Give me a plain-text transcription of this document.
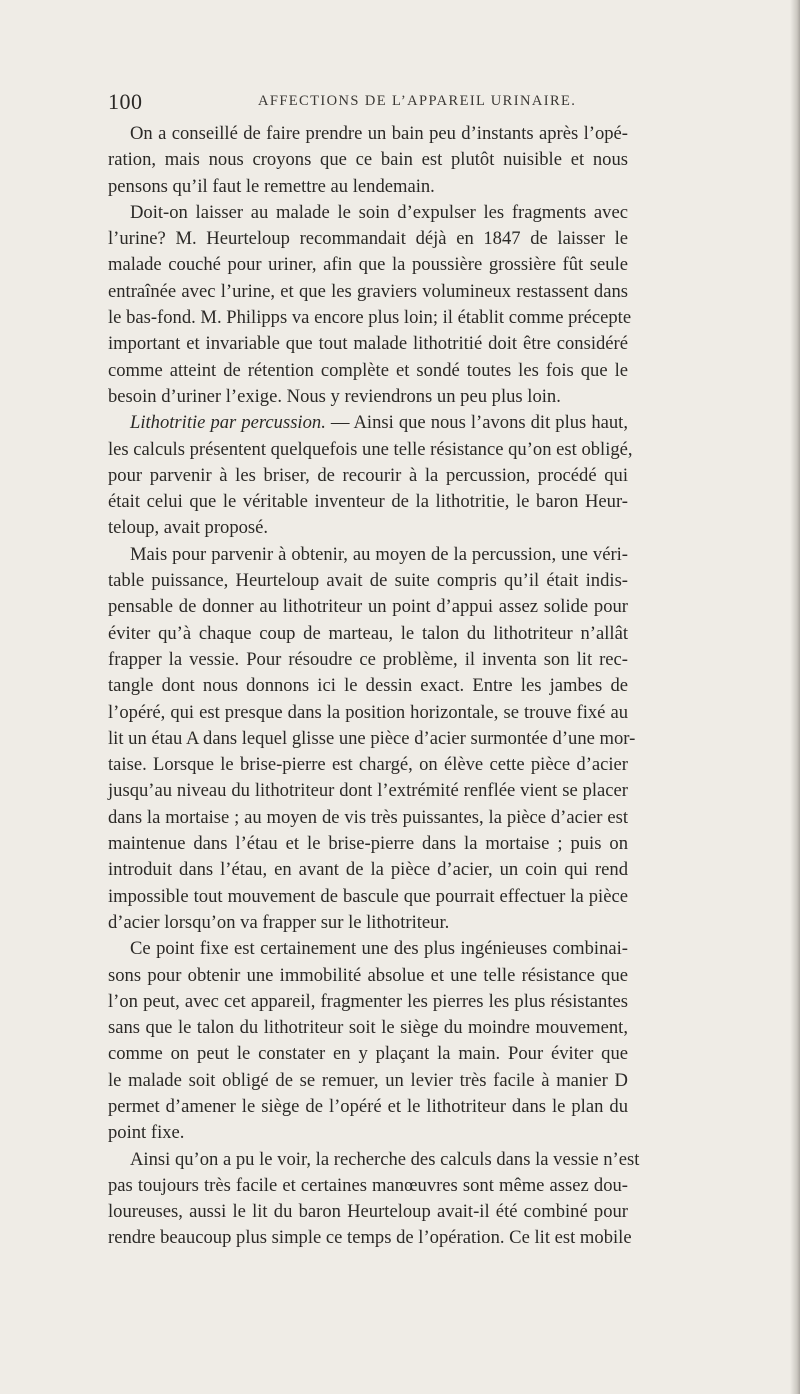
100	AFFECTIONS DE L’APPAREIL URINAIRE.
On a conseillé de faire prendre un bain peu d’instants après l’opé-
ration, mais nous croyons que ce bain est plutôt nuisible et nous
pensons qu’il faut le remettre au lendemain.
Doit-on laisser au malade le soin d’expulser les fragments avec
l’urine? M. Heurteloup recommandait déjà en 1847 de laisser le
malade couché pour uriner, afin que la poussière grossière fût seule
entraînée avec l’urine, et que les graviers volumineux restassent dans
le bas-fond. M. Philipps va encore plus loin; il établit comme précepte
important et invariable que tout malade lithotritié doit être considéré
comme atteint de rétention complète et sondé toutes les fois que le
besoin d’uriner l’exige. Nous y reviendrons un peu plus loin.
Lithotritie par percussion. — Ainsi que nous l’avons dit plus haut,
les calculs présentent quelquefois une telle résistance qu’on est obligé,
pour parvenir à les briser, de recourir à la percussion, procédé qui
était celui que le véritable inventeur de la lithotritie, le baron Heur-
teloup, avait proposé.
Mais pour parvenir à obtenir, au moyen de la percussion, une véri-
table puissance, Heurteloup avait de suite compris qu’il était indis-
pensable de donner au lithotriteur un point d’appui assez solide pour
éviter qu’à chaque coup de marteau, le talon du lithotriteur n’allât
frapper la vessie. Pour résoudre ce problème, il inventa son lit rec-
tangle dont nous donnons ici le dessin exact. Entre les jambes de
l’opéré, qui est presque dans la position horizontale, se trouve fixé au
lit un étau A dans lequel glisse une pièce d’acier surmontée d’une mor-
taise. Lorsque le brise-pierre est chargé, on élève cette pièce d’acier
jusqu’au niveau du lithotriteur dont l’extrémité renflée vient se placer
dans la mortaise ; au moyen de vis très puissantes, la pièce d’acier est
maintenue dans l’étau et le brise-pierre dans la mortaise ; puis on
introduit dans l’étau, en avant de la pièce d’acier, un coin qui rend
impossible tout mouvement de bascule que pourrait effectuer la pièce
d’acier lorsqu’on va frapper sur le lithotriteur.
Ce point fixe est certainement une des plus ingénieuses combinai-
sons pour obtenir une immobilité absolue et une telle résistance que
l’on peut, avec cet appareil, fragmenter les pierres les plus résistantes
sans que le talon du lithotriteur soit le siège du moindre mouvement,
comme on peut le constater en y plaçant la main. Pour éviter que
le malade soit obligé de se remuer, un levier très facile à manier D
permet d’amener le siège de l’opéré et le lithotriteur dans le plan du
point fixe.
Ainsi qu’on a pu le voir, la recherche des calculs dans la vessie n’est
pas toujours très facile et certaines manœuvres sont même assez dou-
loureuses, aussi le lit du baron Heurteloup avait-il été combiné pour
rendre beaucoup plus simple ce temps de l’opération. Ce lit est mobile
